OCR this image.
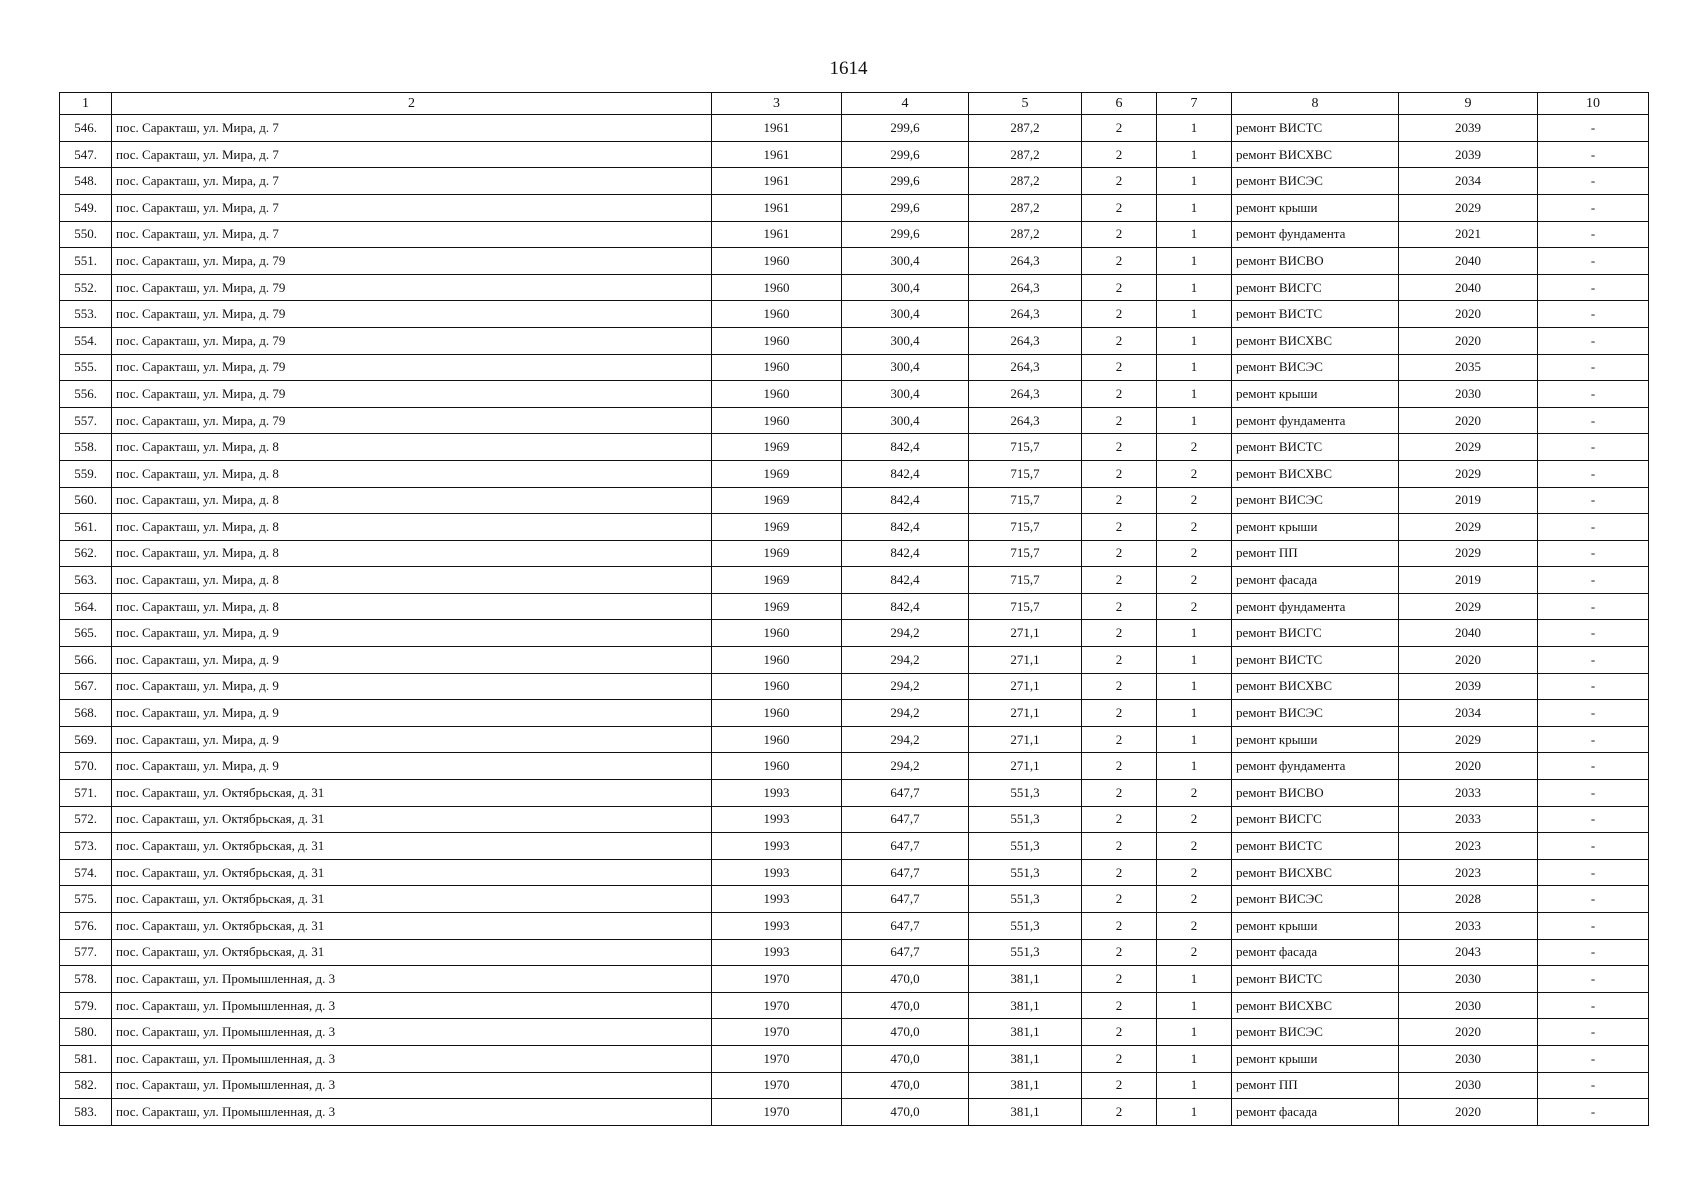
1614
1	2	3	4	5	6	7	8	9	10
546.	пос. Саракташ, ул. Мира, д. 7	1961	299,6	287,2	2	1	ремонт ВИСТС	2039	-
547.	пос. Саракташ, ул. Мира, д. 7	1961	299,6	287,2	2	1	ремонт ВИСХВС	2039	-
548.	пос. Саракташ, ул. Мира, д. 7	1961	299,6	287,2	2	1	ремонт ВИСЭС	2034	-
549.	пос. Саракташ, ул. Мира, д. 7	1961	299,6	287,2	2	1	ремонт крыши	2029	-
550.	пос. Саракташ, ул. Мира, д. 7	1961	299,6	287,2	2	1	ремонт фундамента	2021	-
551.	пос. Саракташ, ул. Мира, д. 79	1960	300,4	264,3	2	1	ремонт ВИСВО	2040	-
552.	пос. Саракташ, ул. Мира, д. 79	1960	300,4	264,3	2	1	ремонт ВИСГС	2040	-
553.	пос. Саракташ, ул. Мира, д. 79	1960	300,4	264,3	2	1	ремонт ВИСТС	2020	-
554.	пос. Саракташ, ул. Мира, д. 79	1960	300,4	264,3	2	1	ремонт ВИСХВС	2020	-
555.	пос. Саракташ, ул. Мира, д. 79	1960	300,4	264,3	2	1	ремонт ВИСЭС	2035	-
556.	пос. Саракташ, ул. Мира, д. 79	1960	300,4	264,3	2	1	ремонт крыши	2030	-
557.	пос. Саракташ, ул. Мира, д. 79	1960	300,4	264,3	2	1	ремонт фундамента	2020	-
558.	пос. Саракташ, ул. Мира, д. 8	1969	842,4	715,7	2	2	ремонт ВИСТС	2029	-
559.	пос. Саракташ, ул. Мира, д. 8	1969	842,4	715,7	2	2	ремонт ВИСХВС	2029	-
560.	пос. Саракташ, ул. Мира, д. 8	1969	842,4	715,7	2	2	ремонт ВИСЭС	2019	-
561.	пос. Саракташ, ул. Мира, д. 8	1969	842,4	715,7	2	2	ремонт крыши	2029	-
562.	пос. Саракташ, ул. Мира, д. 8	1969	842,4	715,7	2	2	ремонт ПП	2029	-
563.	пос. Саракташ, ул. Мира, д. 8	1969	842,4	715,7	2	2	ремонт фасада	2019	-
564.	пос. Саракташ, ул. Мира, д. 8	1969	842,4	715,7	2	2	ремонт фундамента	2029	-
565.	пос. Саракташ, ул. Мира, д. 9	1960	294,2	271,1	2	1	ремонт ВИСГС	2040	-
566.	пос. Саракташ, ул. Мира, д. 9	1960	294,2	271,1	2	1	ремонт ВИСТС	2020	-
567.	пос. Саракташ, ул. Мира, д. 9	1960	294,2	271,1	2	1	ремонт ВИСХВС	2039	-
568.	пос. Саракташ, ул. Мира, д. 9	1960	294,2	271,1	2	1	ремонт ВИСЭС	2034	-
569.	пос. Саракташ, ул. Мира, д. 9	1960	294,2	271,1	2	1	ремонт крыши	2029	-
570.	пос. Саракташ, ул. Мира, д. 9	1960	294,2	271,1	2	1	ремонт фундамента	2020	-
571.	пос. Саракташ, ул. Октябрьская, д. 31	1993	647,7	551,3	2	2	ремонт ВИСВО	2033	-
572.	пос. Саракташ, ул. Октябрьская, д. 31	1993	647,7	551,3	2	2	ремонт ВИСГС	2033	-
573.	пос. Саракташ, ул. Октябрьская, д. 31	1993	647,7	551,3	2	2	ремонт ВИСТС	2023	-
574.	пос. Саракташ, ул. Октябрьская, д. 31	1993	647,7	551,3	2	2	ремонт ВИСХВС	2023	-
575.	пос. Саракташ, ул. Октябрьская, д. 31	1993	647,7	551,3	2	2	ремонт ВИСЭС	2028	-
576.	пос. Саракташ, ул. Октябрьская, д. 31	1993	647,7	551,3	2	2	ремонт крыши	2033	-
577.	пос. Саракташ, ул. Октябрьская, д. 31	1993	647,7	551,3	2	2	ремонт фасада	2043	-
578.	пос. Саракташ, ул. Промышленная, д. 3	1970	470,0	381,1	2	1	ремонт ВИСТС	2030	-
579.	пос. Саракташ, ул. Промышленная, д. 3	1970	470,0	381,1	2	1	ремонт ВИСХВС	2030	-
580.	пос. Саракташ, ул. Промышленная, д. 3	1970	470,0	381,1	2	1	ремонт ВИСЭС	2020	-
581.	пос. Саракташ, ул. Промышленная, д. 3	1970	470,0	381,1	2	1	ремонт крыши	2030	-
582.	пос. Саракташ, ул. Промышленная, д. 3	1970	470,0	381,1	2	1	ремонт ПП	2030	-
583.	пос. Саракташ, ул. Промышленная, д. 3	1970	470,0	381,1	2	1	ремонт фасада	2020	-
